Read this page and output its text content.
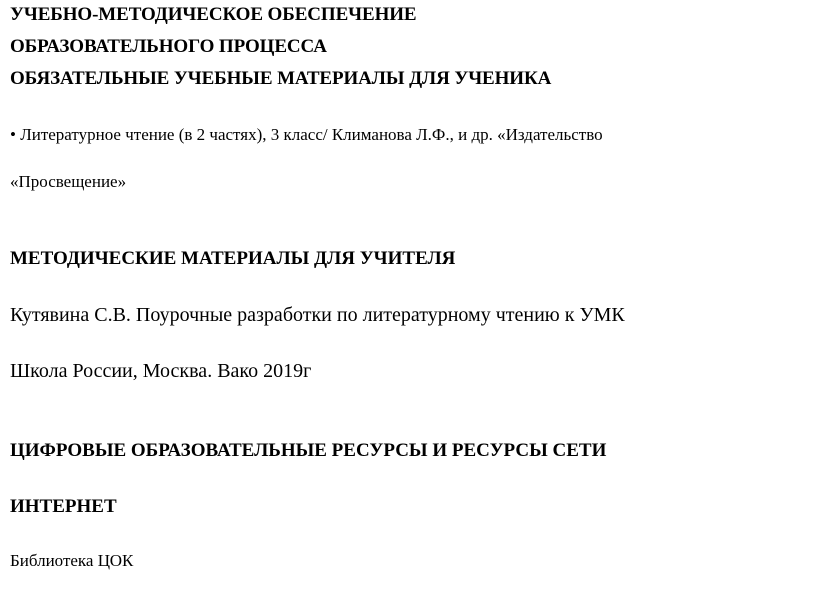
УЧЕБНО-МЕТОДИЧЕСКОЕ ОБЕСПЕЧЕНИЕ

ОБРАЗОВАТЕЛЬНОГО ПРОЦЕССА

ОБЯЗАТЕЛЬНЫЕ УЧЕБНЫЕ МАТЕРИАЛЫ ДЛЯ УЧЕНИКА

• Литературное чтение (в 2 частях), 3 класс/ Климанова Л.Ф., и др. «Издательство

«Просвещение»

МЕТОДИЧЕСКИЕ МАТЕРИАЛЫ ДЛЯ УЧИТЕЛЯ

Кутявина С.В. Поурочные разработки по литературному чтению к УМК

Школа России, Москва. Вако 2019г

ЦИФРОВЫЕ ОБРАЗОВАТЕЛЬНЫЕ РЕСУРСЫ И РЕСУРСЫ СЕТИ

ИНТЕРНЕТ

Библиотека ЦОК
